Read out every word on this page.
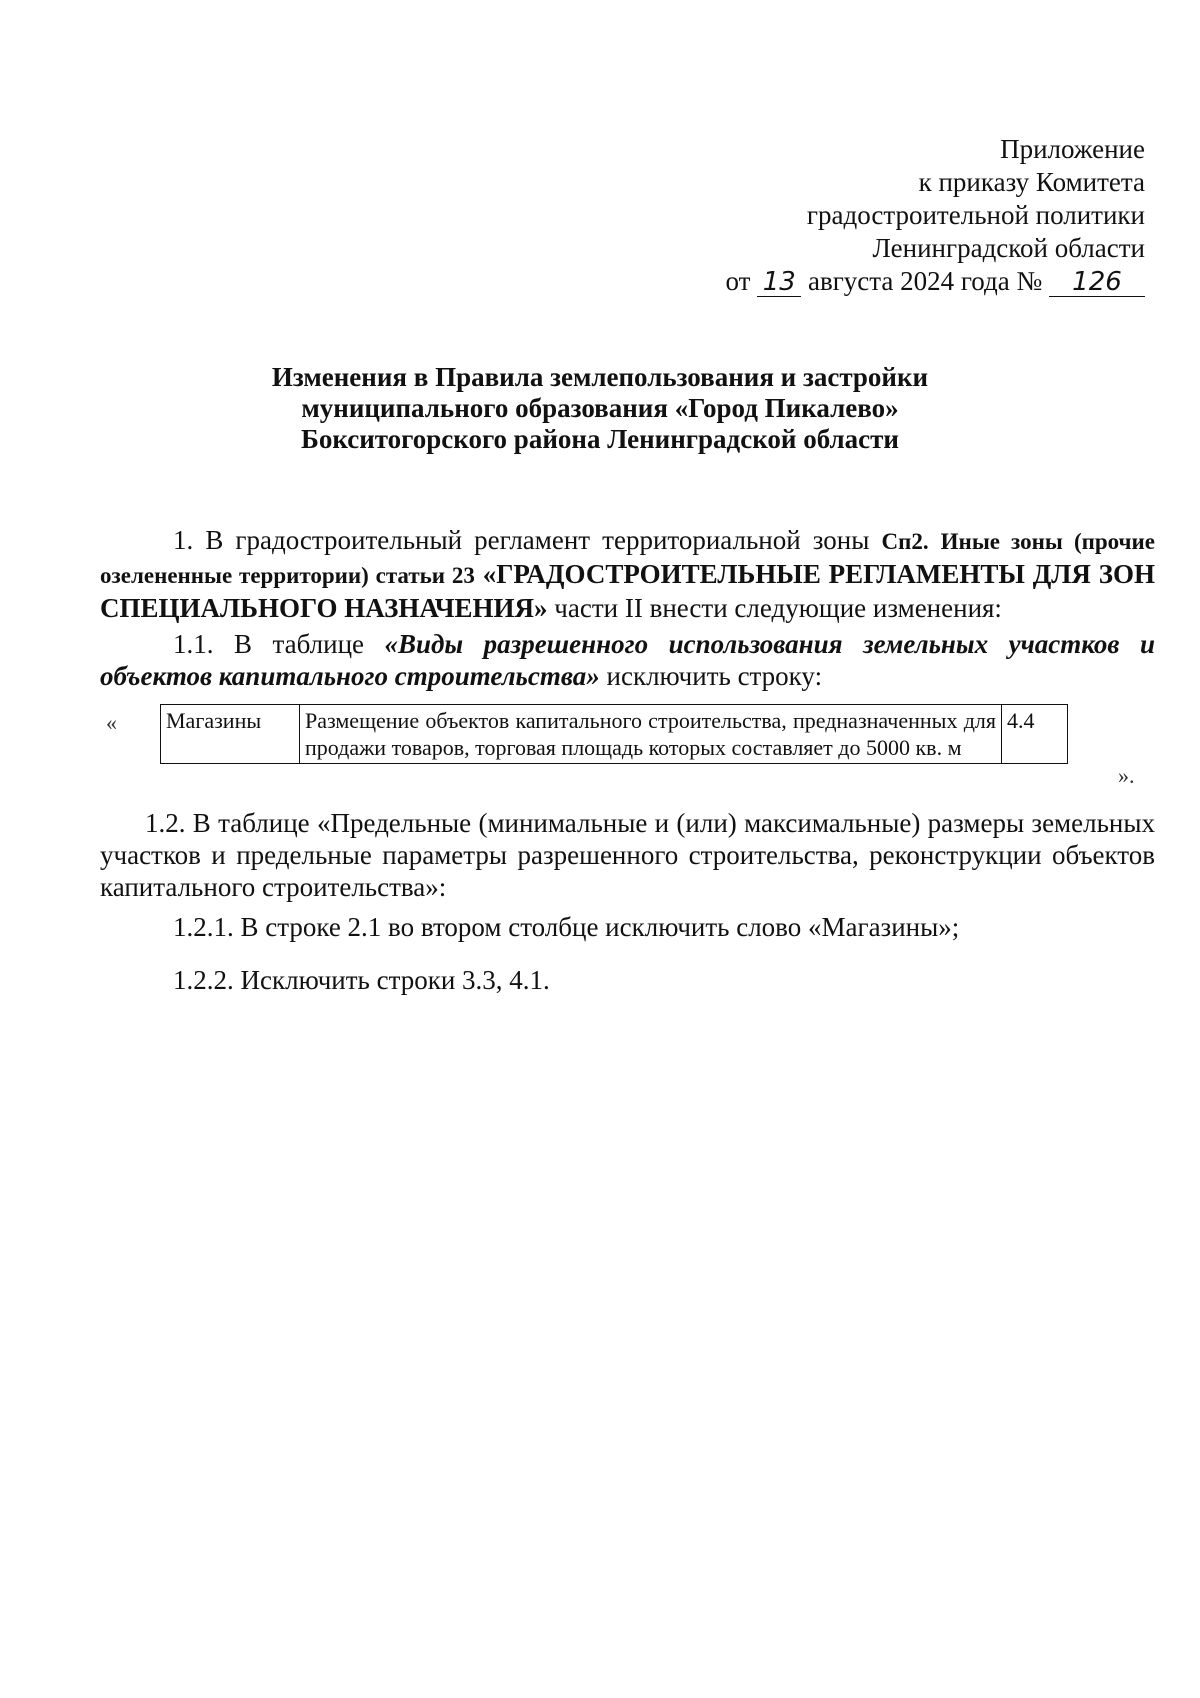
Приложение
к приказу Комитета
градостроительной политики
Ленинградской области
от 13 августа 2024 года № 126
Изменения в Правила землепользования и застройки
муниципального образования «Город Пикалево»
Бокситогорского района Ленинградской области
1. В градостроительный регламент территориальной зоны Сп2. Иные зоны (прочие озелененные территории) статьи 23 «ГРАДОСТРОИТЕЛЬНЫЕ РЕГЛАМЕНТЫ ДЛЯ ЗОН СПЕЦИАЛЬНОГО НАЗНАЧЕНИЯ» части II внести следующие изменения:
1.1. В таблице «Виды разрешенного использования земельных участков и объектов капитального строительства» исключить строку:
« Магазины	Размещение объектов капитального строительства, предназначенных для продажи товаров, торговая площадь которых составляет до 5000 кв. м	4.4
».
1.2. В таблице «Предельные (минимальные и (или) максимальные) размеры земельных участков и предельные параметры разрешенного строительства, реконструкции объектов капитального строительства»:
1.2.1. В строке 2.1 во втором столбце исключить слово «Магазины»;
1.2.2. Исключить строки 3.3, 4.1.
